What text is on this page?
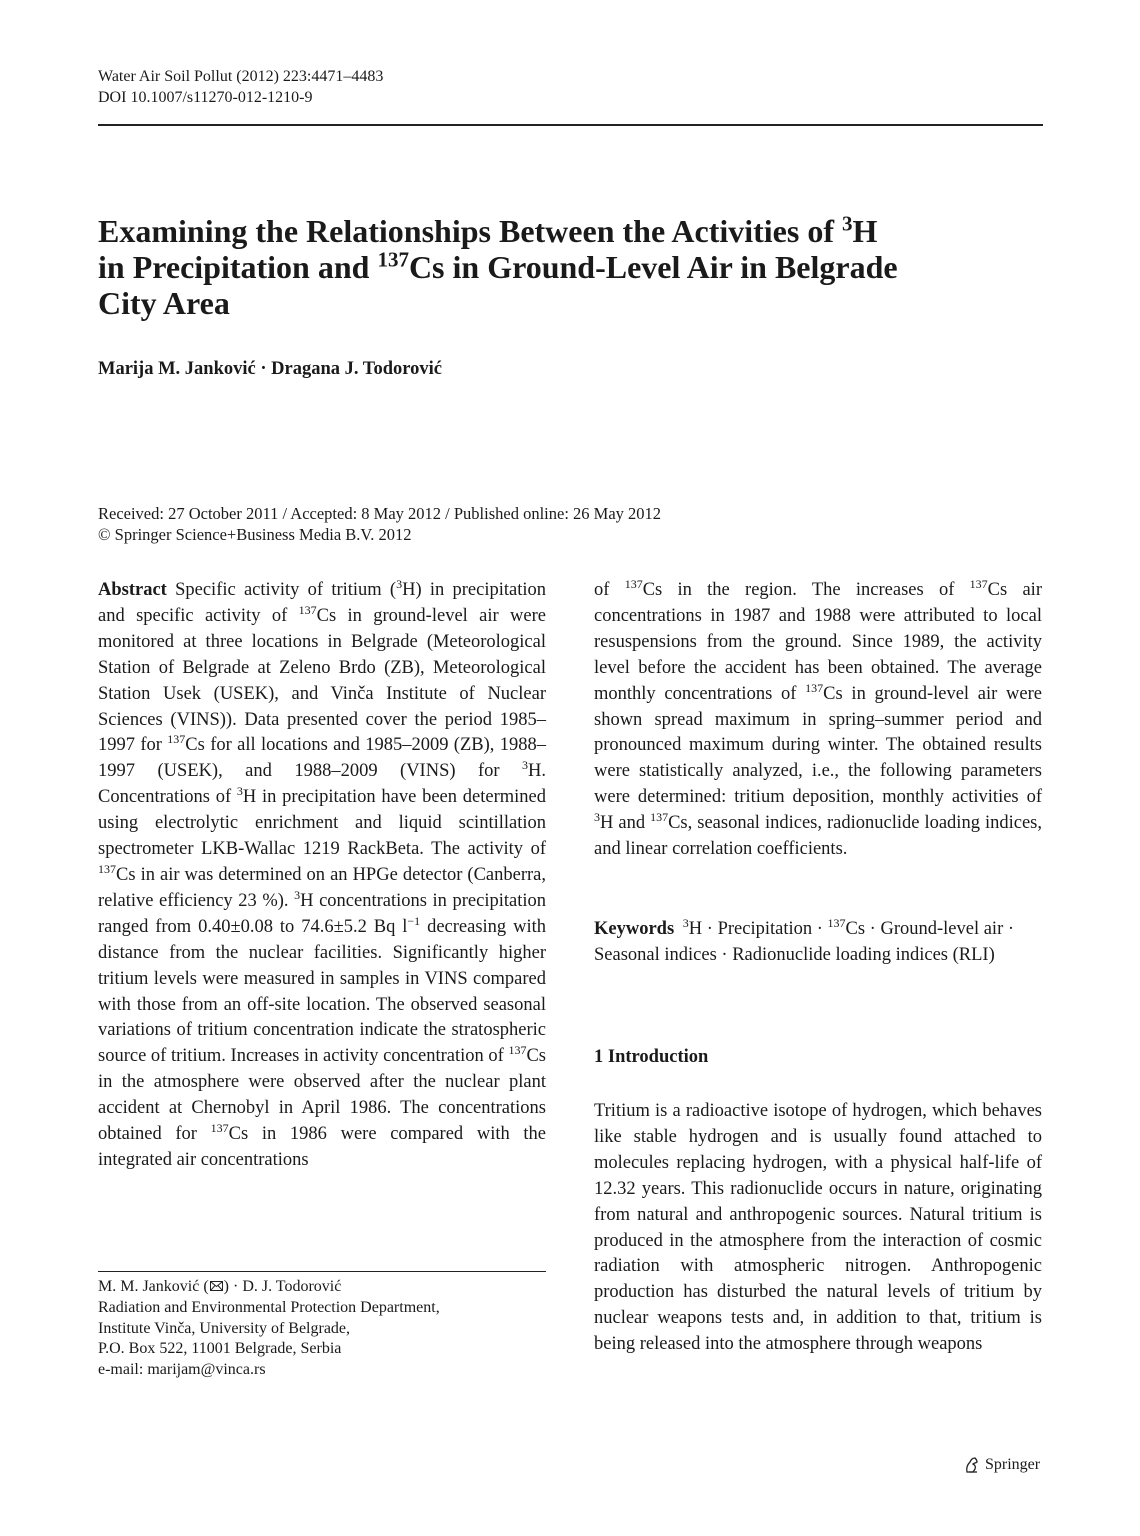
Water Air Soil Pollut (2012) 223:4471–4483
DOI 10.1007/s11270-012-1210-9
Examining the Relationships Between the Activities of $^3$H
in Precipitation and $^{137}$Cs in Ground-Level Air in Belgrade
City Area
Marija M. Janković · Dragana J. Todorović
Received: 27 October 2011 / Accepted: 8 May 2012 / Published online: 26 May 2012
© Springer Science+Business Media B.V. 2012

Abstract Specific activity of tritium ($^3$H) in precipitation and specific activity of $^{137}$Cs in ground-level air were monitored at three locations in Belgrade (Meteorological Station of Belgrade at Zeleno Brdo (ZB), Meteorological Station Usek (USEK), and Vinča Institute of Nuclear Sciences (VINS)). Data presented cover the period 1985–1997 for $^{137}$Cs for all locations and 1985–2009 (ZB), 1988–1997 (USEK), and 1988–2009 (VINS) for $^3$H. Concentrations of $^3$H in precipitation have been determined using electrolytic enrichment and liquid scintillation spectrometer LKB-Wallac 1219 RackBeta. The activity of $^{137}$Cs in air was determined on an HPGe detector (Canberra, relative efficiency 23 %). $^3$H concentrations in precipitation ranged from 0.40±0.08 to 74.6±5.2 Bq $l^{-1}$ decreasing with distance from the nuclear facilities. Significantly higher tritium levels were measured in samples in VINS compared with those from an off-site location. The observed seasonal variations of tritium concentration indicate the stratospheric source of tritium. Increases in activity concentration of $^{137}$Cs in the atmosphere were observed after the nuclear plant accident at Chernobyl in April 1986. The concentrations obtained for $^{137}$Cs in 1986 were compared with the integrated air concentrations

of $^{137}$Cs in the region. The increases of $^{137}$Cs air concentrations in 1987 and 1988 were attributed to local resuspensions from the ground. Since 1989, the activity level before the accident has been obtained. The average monthly concentrations of $^{137}$Cs in ground-level air were shown spread maximum in spring–summer period and pronounced maximum during winter. The obtained results were statistically analyzed, i.e., the following parameters were determined: tritium deposition, monthly activities of $^3$H and $^{137}$Cs, seasonal indices, radionuclide loading indices, and linear correlation coefficients.

Keywords $^3$H · Precipitation · $^{137}$Cs · Ground-level air · Seasonal indices · Radionuclide loading indices (RLI)
1 Introduction
Tritium is a radioactive isotope of hydrogen, which behaves like stable hydrogen and is usually found attached to molecules replacing hydrogen, with a physical half-life of 12.32 years. This radionuclide occurs in nature, originating from natural and anthropogenic sources. Natural tritium is produced in the atmosphere from the interaction of cosmic radiation with atmospheric nitrogen. Anthropogenic production has disturbed the natural levels of tritium by nuclear weapons tests and, in addition to that, tritium is being released into the atmosphere through weapons
M. M. Janković ( ) · D. J. Todorović
Radiation and Environmental Protection Department,
Institute Vinča, University of Belgrade,
P.O. Box 522, 11001 Belgrade, Serbia
e-mail: marijam@vinca.rs
Springer
